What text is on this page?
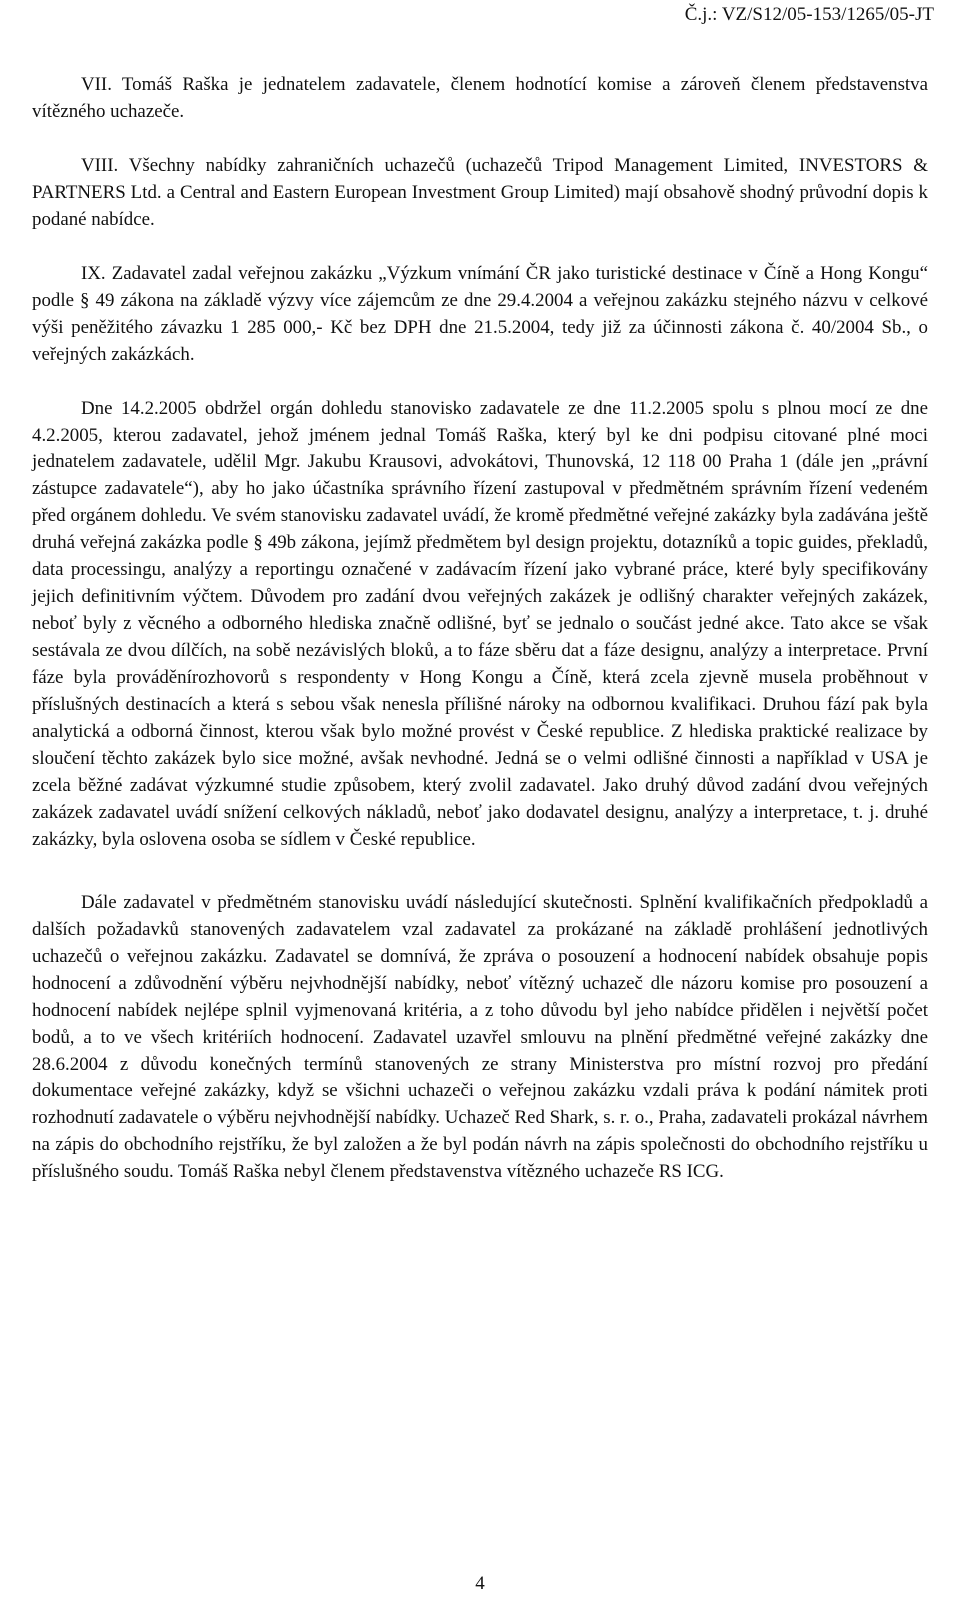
Č.j.: VZ/S12/05-153/1265/05-JT

VII. Tomáš Raška je jednatelem zadavatele, členem hodnotící komise a zároveň členem představenstva vítězného uchazeče.

VIII. Všechny nabídky zahraničních uchazečů (uchazečů Tripod Management Limited, INVESTORS & PARTNERS Ltd. a Central and Eastern European Investment Group Limited) mají obsahově shodný průvodní dopis k podané nabídce.

IX. Zadavatel zadal veřejnou zakázku „Výzkum vnímání ČR jako turistické destinace v Číně a Hong Kongu“ podle § 49 zákona na základě výzvy více zájemcům ze dne 29.4.2004 a veřejnou zakázku stejného názvu v celkové výši peněžitého závazku 1 285 000,- Kč bez DPH dne 21.5.2004, tedy již za účinnosti zákona č. 40/2004 Sb., o veřejných zakázkách.

Dne 14.2.2005 obdržel orgán dohledu stanovisko zadavatele ze dne 11.2.2005 spolu s plnou mocí ze dne 4.2.2005, kterou zadavatel, jehož jménem jednal Tomáš Raška, který byl ke dni podpisu citované plné moci jednatelem zadavatele, udělil Mgr. Jakubu Krausovi, advokátovi, Thunovská, 12 118 00 Praha 1 (dále jen „právní zástupce zadavatele“), aby ho jako účastníka správního řízení zastupoval v předmětném správním řízení vedeném před orgánem dohledu. Ve svém stanovisku zadavatel uvádí, že kromě předmětné veřejné zakázky byla zadávána ještě druhá veřejná zakázka podle § 49b zákona, jejímž předmětem byl design projektu, dotazníků a topic guides, překladů, data processingu, analýzy a reportingu označené v zadávacím řízení jako vybrané práce, které byly specifikovány jejich definitivním výčtem. Důvodem pro zadání dvou veřejných zakázek je odlišný charakter veřejných zakázek, neboť byly z věcného a odborného hlediska značně odlišné, byť se jednalo o součást jedné akce. Tato akce se však sestávala ze dvou dílčích, na sobě nezávislých bloků, a to fáze sběru dat a fáze designu, analýzy a interpretace. První fáze byla prováděnírozhovorů s respondenty v Hong Kongu a Číně, která zcela zjevně musela proběhnout v příslušných destinacích a která s sebou však nenesla přílišné nároky na odbornou kvalifikaci. Druhou fází pak byla analytická a odborná činnost, kterou však bylo možné provést v České republice. Z hlediska praktické realizace by sloučení těchto zakázek bylo sice možné, avšak nevhodné. Jedná se o velmi odlišné činnosti a například v USA je zcela běžné zadávat výzkumné studie způsobem, který zvolil zadavatel. Jako druhý důvod zadání dvou veřejných zakázek zadavatel uvádí snížení celkových nákladů, neboť jako dodavatel designu, analýzy a interpretace, t. j. druhé zakázky, byla oslovena osoba se sídlem v České republice.

Dále zadavatel v předmětném stanovisku uvádí následující skutečnosti. Splnění kvalifikačních předpokladů a dalších požadavků stanovených zadavatelem vzal zadavatel za prokázané na základě prohlášení jednotlivých uchazečů o veřejnou zakázku. Zadavatel se domnívá, že zpráva o posouzení a hodnocení nabídek obsahuje popis hodnocení a zdůvodnění výběru nejvhodnější nabídky, neboť vítězný uchazeč dle názoru komise pro posouzení a hodnocení nabídek nejlépe splnil vyjmenovaná kritéria, a z toho důvodu byl jeho nabídce přidělen i největší počet bodů, a to ve všech kritériích hodnocení. Zadavatel uzavřel smlouvu na plnění předmětné veřejné zakázky dne 28.6.2004 z důvodu konečných termínů stanovených ze strany Ministerstva pro místní rozvoj pro předání dokumentace veřejné zakázky, když se všichni uchazeči o veřejnou zakázku vzdali práva k podání námitek proti rozhodnutí zadavatele o výběru nejvhodnější nabídky. Uchazeč Red Shark, s. r. o., Praha, zadavateli prokázal návrhem na zápis do obchodního rejstříku, že byl založen a že byl podán návrh na zápis společnosti do obchodního rejstříku u příslušného soudu. Tomáš Raška nebyl členem představenstva vítězného uchazeče RS ICG.

4
